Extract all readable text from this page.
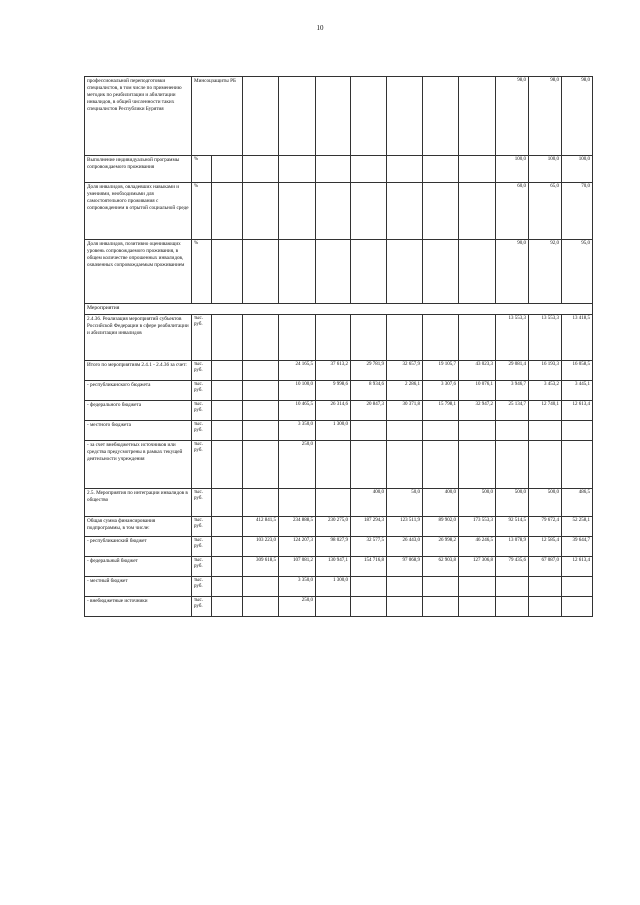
10
профессиональной переподготовки специалистов, в том числе по применению методик по реабилитации и абилитации инвалидов, в общей численности таких специалистов Республики Бурятия	Минсоцзащиты РБ									98,0	98,0	98,0
Выполнение индивидуальной программы сопровождаемого проживания	%									100,0	100,0	100,0
Доля инвалидов, овладевших навыками и умениями, необходимыми для самостоятельного проживания с сопровождением в отрытой социальной среде	%									60,0	65,0	70,0
Доля инвалидов, позитивно оценивающих уровень сопровождаемого проживания, в общем количестве опрошенных инвалидов, охваченных сопровождаемым проживанием	%									90,0	92,0	95,0
Мероприятия												
2.4.36. Реализация мероприятий субъектов Российской Федерации в сфере реабилитации и абилитации инвалидов	тыс. руб.									13 553,3	13 553,3	13 418,5
Итого по мероприятиям 2.4.1 - 2.4.36 за счет:	тыс. руб.			24 165,5	37 613,2	29 781,9	32 657,9	19 105,7	43 023,3	29 081,4	16 193,3	16 058,5
- республиканского бюджета	тыс. руб.			10 100,0	9 998,6	8 934,6	2 286,1	3 307,6	10 076,1	3 946,7	3 453,2	3 445,1
- федерального бюджета	тыс. руб.			10 465,5	26 314,6	20 847,3	30 371,8	15 798,1	32 947,2	25 134,7	12 740,1	12 613,4
- местного бюджета	тыс. руб.			3 350,0	1 300,0							
- за счет внебюджетных источников или средства предусмотрены в рамках текущей деятельности учреждения	тыс. руб.			250,0								
2.5. Мероприятия по интеграции инвалидов в общество	тыс. руб.					400,0	50,0	400,0	500,0	500,0	500,0	486,5
Общая сумма финансирования подпрограммы, в том числе:	тыс. руб.		412 841,5	234 888,5	230 275,0	187 294,3	123 511,9	89 902,0	173 553,3	92 514,5	79 672,4	52 258,1
- республиканский бюджет	тыс. руб.		103 223,0	124 207,3	98 027,9	32 577,5	26 443,0	26 998,2	46 246,5	13 078,9	12 585,4	39 644,7
- федеральный бюджет	тыс. руб.		309 618,5	107 081,2	130 947,1	154 716,8	97 068,9	62 903,8	127 306,8	79 435,6	67 087,0	12 613,4
- местный бюджет	тыс. руб.			3 350,0	1 300,0							
- внебюджетные источники	тыс. руб.			250,0								
